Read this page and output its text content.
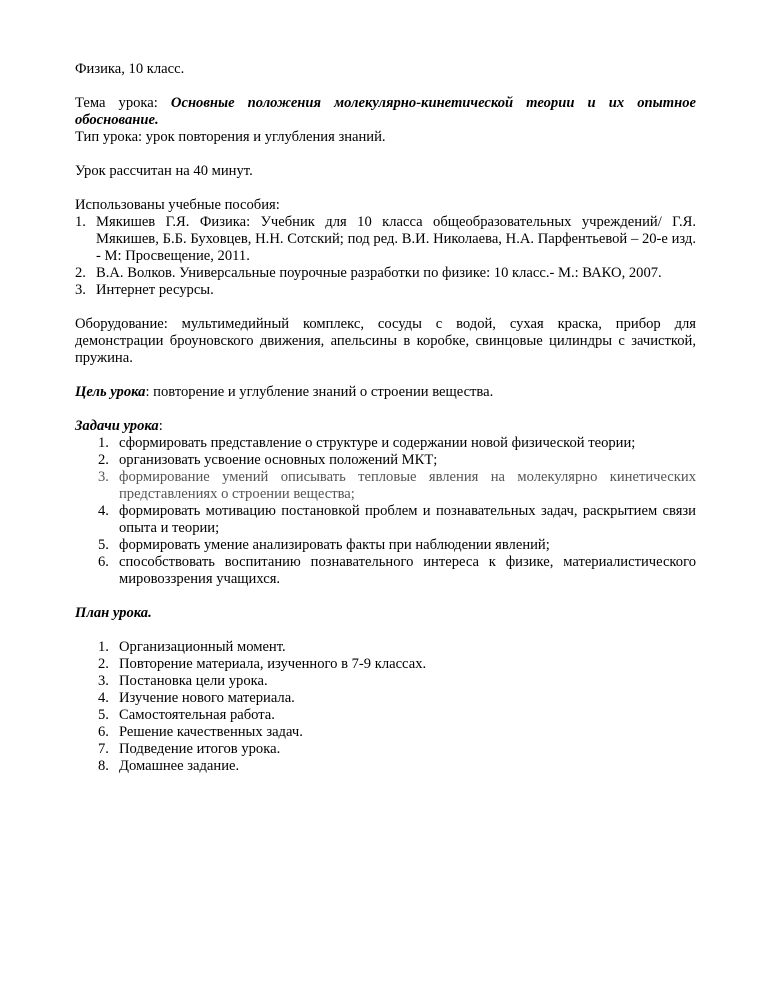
Физика, 10 класс.

Тема урока: Основные положения молекулярно-кинетической теории и их опытное обоснование.

Тип урока: урок повторения и углубления знаний.

Урок рассчитан на 40 минут.

Использованы учебные пособия:

1. Мякишев Г.Я. Физика: Учебник для 10 класса общеобразовательных учреждений/ Г.Я. Мякишев, Б.Б. Буховцев, Н.Н. Сотский; под ред. В.И. Николаева, Н.А. Парфентьевой – 20-е изд. - М: Просвещение, 2011.
2. В.А. Волков. Универсальные поурочные разработки по физике: 10 класс.- М.: ВАКО, 2007.
3. Интернет ресурсы.

Оборудование: мультимедийный комплекс, сосуды с водой, сухая краска, прибор для демонстрации броуновского движения, апельсины в коробке, свинцовые цилиндры с зачисткой, пружина.

Цель урока: повторение и углубление знаний о строении вещества.

Задачи урока:

1. сформировать представление о структуре и содержании новой физической теории;
2. организовать усвоение основных положений МКТ;
3. формирование умений описывать тепловые явления на молекулярно кинетических представлениях о строении вещества;
4. формировать мотивацию постановкой проблем и познавательных задач, раскрытием связи опыта и теории;
5. формировать умение анализировать факты при наблюдении явлений;
6. способствовать воспитанию познавательного интереса к физике, материалистического мировоззрения учащихся.

План урока.

1. Организационный момент.
2. Повторение материала, изученного в 7-9 классах.
3. Постановка цели урока.
4. Изучение нового материала.
5. Самостоятельная работа.
6. Решение качественных задач.
7. Подведение итогов урока.
8. Домашнее задание.
